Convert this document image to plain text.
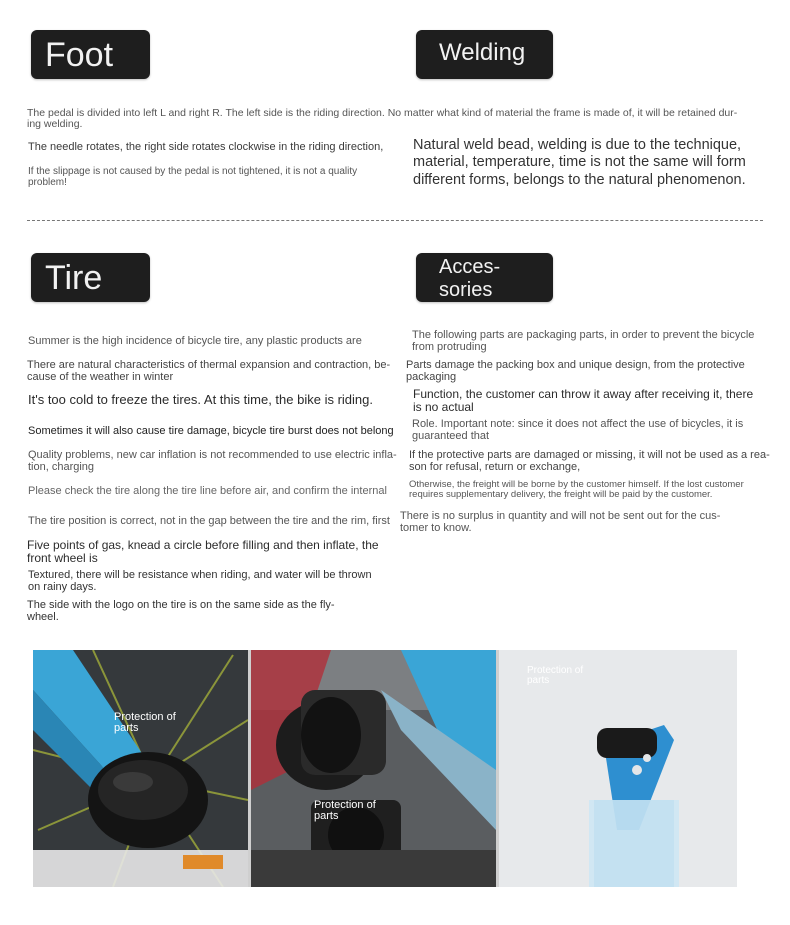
Foot
The pedal is divided into left L and right R. The left side is the riding direction. No matter what kind of material the frame is made of, it will be retained dur-
ing welding.
The needle rotates, the right side rotates clockwise in the riding direction,
If the slippage is not caused by the pedal is not tightened, it is not a quality
problem!
Welding
Natural weld bead, welding is due to the technique,
material, temperature, time is not the same will form
different forms, belongs to the natural phenomenon.
Tire
Summer is the high incidence of bicycle tire, any plastic products are
There are natural characteristics of thermal expansion and contraction, be-
cause of the weather in winter
It's too cold to freeze the tires. At this time, the bike is riding.
Sometimes it will also cause tire damage, bicycle tire burst does not belong
Quality problems, new car inflation is not recommended to use electric infla-
tion, charging
Please check the tire along the tire line before air, and confirm the internal
The tire position is correct, not in the gap between the tire and the rim, first
Five points of gas, knead a circle before filling and then inflate, the
front wheel is
Textured, there will be resistance when riding, and water will be thrown
on rainy days.
The side with the logo on the tire is on the same side as the fly-
wheel.
Acces-
sories
The following parts are packaging parts, in order to prevent the bicycle
from protruding
Parts damage the packing box and unique design, from the protective
packaging
Function, the customer can throw it away after receiving it, there
is no actual
Role. Important note: since it does not affect the use of bicycles, it is
guaranteed that
If the protective parts are damaged or missing, it will not be used as a rea-
son for refusal, return or exchange,
Otherwise, the freight will be borne by the customer himself. If the lost customer
requires supplementary delivery, the freight will be paid by the customer.
There is no surplus in quantity and will not be sent out for the cus-
tomer to know.
Protection of
parts
Protection of
parts
Protection of
parts
